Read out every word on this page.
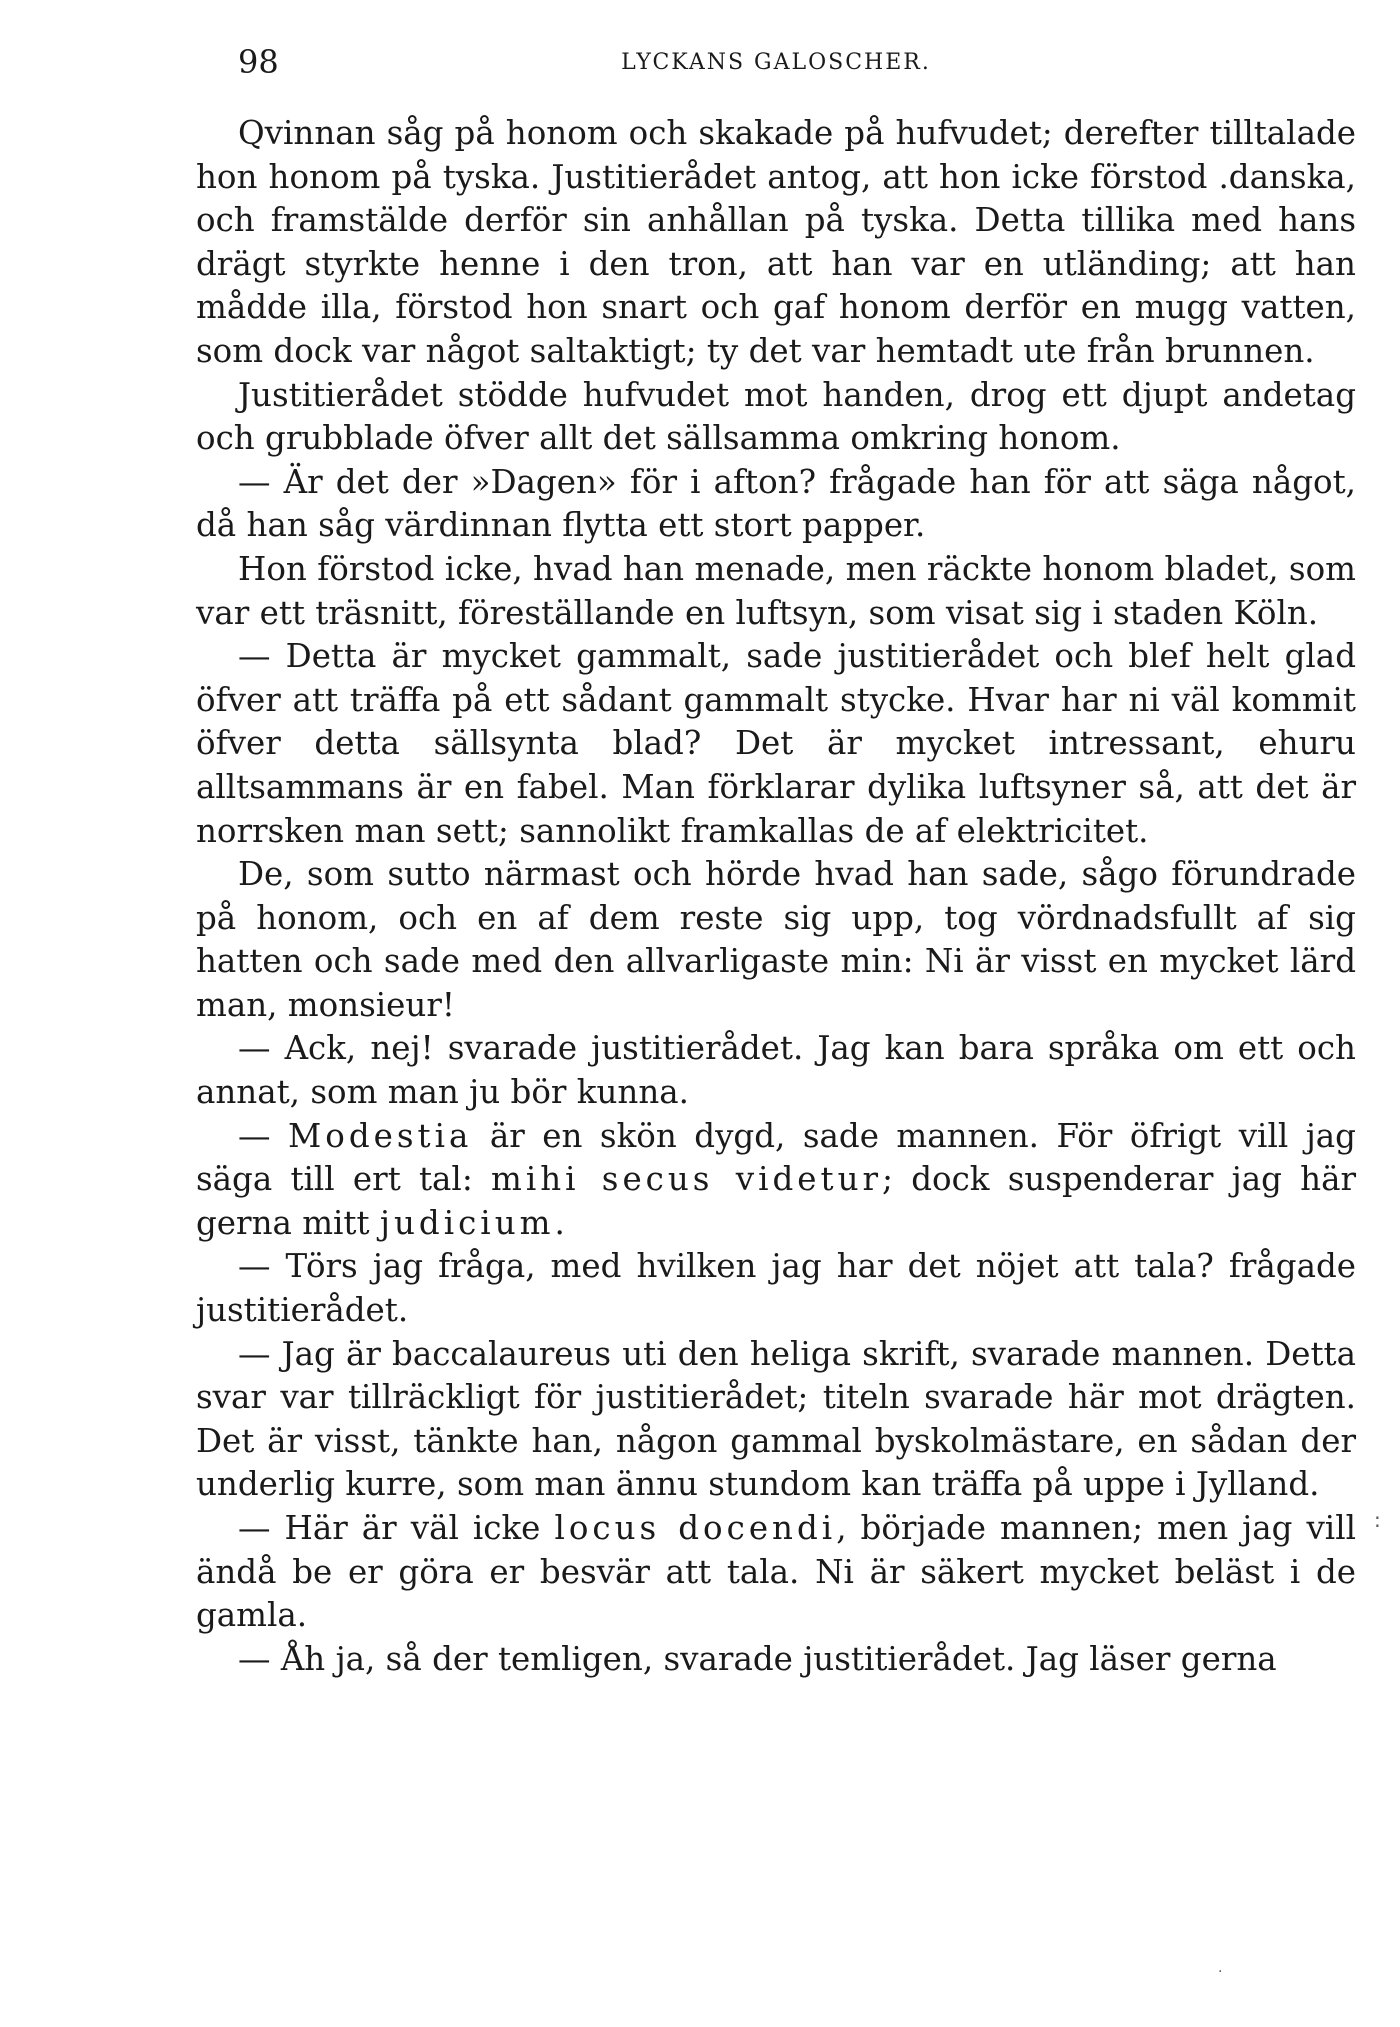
98	LYCKANS GALOSCHER.

Qvinnan såg på honom och skakade på hufvudet; derefter tilltalade hon honom på tyska. Justitierådet antog, att hon icke förstod .danska, och framstälde derför sin anhållan på tyska. Detta tillika med hans drägt styrkte henne i den tron, att han var en utländing; att han mådde illa, förstod hon snart och gaf honom derför en mugg vatten, som dock var något saltaktigt; ty det var hemtadt ute från brunnen.

Justitierådet stödde hufvudet mot handen, drog ett djupt andetag och grubblade öfver allt det sällsamma omkring honom.

— Är det der »Dagen» för i afton? frågade han för att säga något, då han såg värdinnan flytta ett stort papper.

Hon förstod icke, hvad han menade, men räckte honom bladet, som var ett träsnitt, föreställande en luftsyn, som visat sig i staden Köln.

— Detta är mycket gammalt, sade justitierådet och blef helt glad öfver att träffa på ett sådant gammalt stycke. Hvar har ni väl kommit öfver detta sällsynta blad? Det är mycket intressant, ehuru alltsammans är en fabel. Man förklarar dylika luftsyner så, att det är norrsken man sett; sannolikt framkallas de af elektricitet.

De, som sutto närmast och hörde hvad han sade, sågo förundrade på honom, och en af dem reste sig upp, tog vördnadsfullt af sig hatten och sade med den allvarligaste min: Ni är visst en mycket lärd man, monsieur!

— Ack, nej! svarade justitierådet. Jag kan bara språka om ett och annat, som man ju bör kunna.

— Modestia är en skön dygd, sade mannen. För öfrigt vill jag säga till ert tal: mihi secus videtur; dock suspenderar jag här gerna mitt judicium.

— Törs jag fråga, med hvilken jag har det nöjet att tala? frågade justitierådet.

— Jag är baccalaureus uti den heliga skrift, svarade mannen. Detta svar var tillräckligt för justitierådet; titeln svarade här mot drägten. Det är visst, tänkte han, någon gammal byskolmästare, en sådan der underlig kurre, som man ännu stundom kan träffa på uppe i Jylland.

— Här är väl icke locus docendi, började mannen; men jag vill ändå be er göra er besvär att tala. Ni är säkert mycket beläst i de gamla.

— Åh ja, så der temligen, svarade justitierådet. Jag läser gerna

:
.
